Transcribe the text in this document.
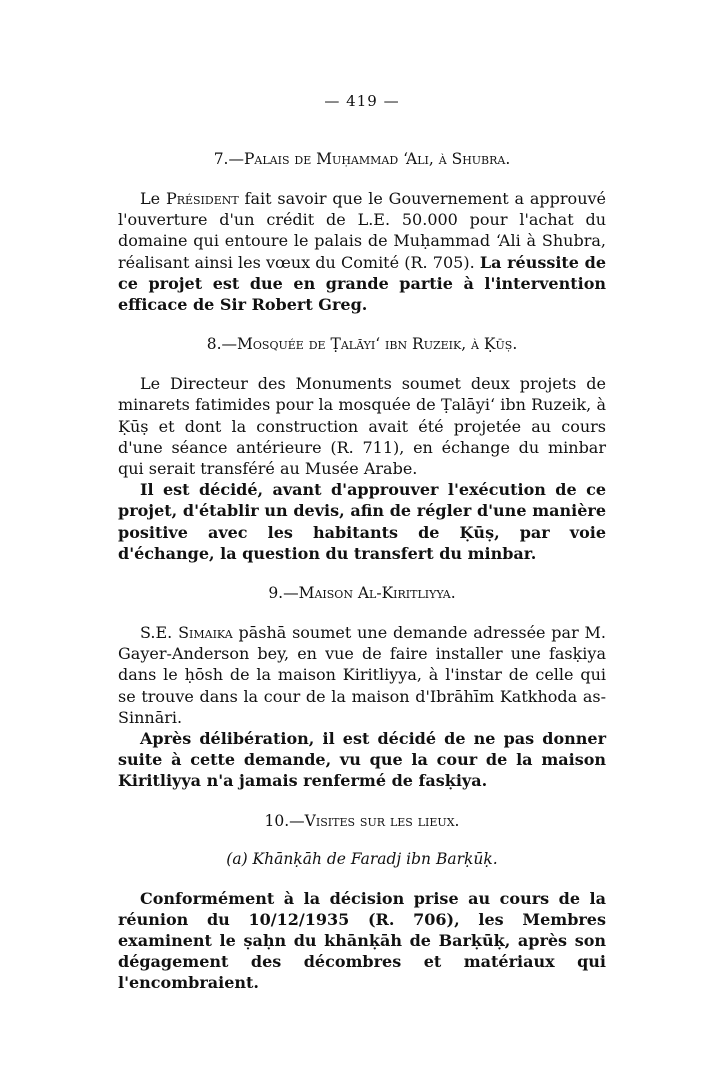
— 419 —
7.—Palais de Muḥammad ‘Ali, à Shubra.

Le Président fait savoir que le Gouvernement a approuvé l'ouverture d'un crédit de L.E. 50.000 pour l'achat du domaine qui entoure le palais de Muḥammad ‘Ali à Shubra, réalisant ainsi les vœux du Comité (R. 705). La réussite de ce projet est due en grande partie à l'intervention efficace de Sir Robert Greg.

8.—Mosquée de Ṭalāyi‘ ibn Ruzeik, à Ḳūṣ.

Le Directeur des Monuments soumet deux projets de minarets fatimides pour la mosquée de Ṭalāyi‘ ibn Ruzeik, à Ḳūṣ et dont la construction avait été projetée au cours d'une séance antérieure (R. 711), en échange du minbar qui serait transféré au Musée Arabe.

Il est décidé, avant d'approuver l'exécution de ce projet, d'établir un devis, afin de régler d'une manière positive avec les habitants de Ḳūṣ, par voie d'échange, la question du transfert du minbar.

9.—Maison Al-Kiritliyya.

S.E. Simaika pāshā soumet une demande adressée par M. Gayer-Anderson bey, en vue de faire installer une fasḳiya dans le ḥōsh de la maison Kiritliyya, à l'instar de celle qui se trouve dans la cour de la maison d'Ibrāhīm Katkhoda as-Sinnāri.

Après délibération, il est décidé de ne pas donner suite à cette demande, vu que la cour de la maison Kiritliyya n'a jamais renfermé de fasḳiya.

10.—Visites sur les lieux.
(a) Khānḳāh de Faradj ibn Barḳūḳ.

Conformément à la décision prise au cours de la réunion du 10/12/1935 (R. 706), les Membres examinent le ṣaḥn du khānḳāh de Barḳūḳ, après son dégagement des décombres et matériaux qui l'encombraient.
